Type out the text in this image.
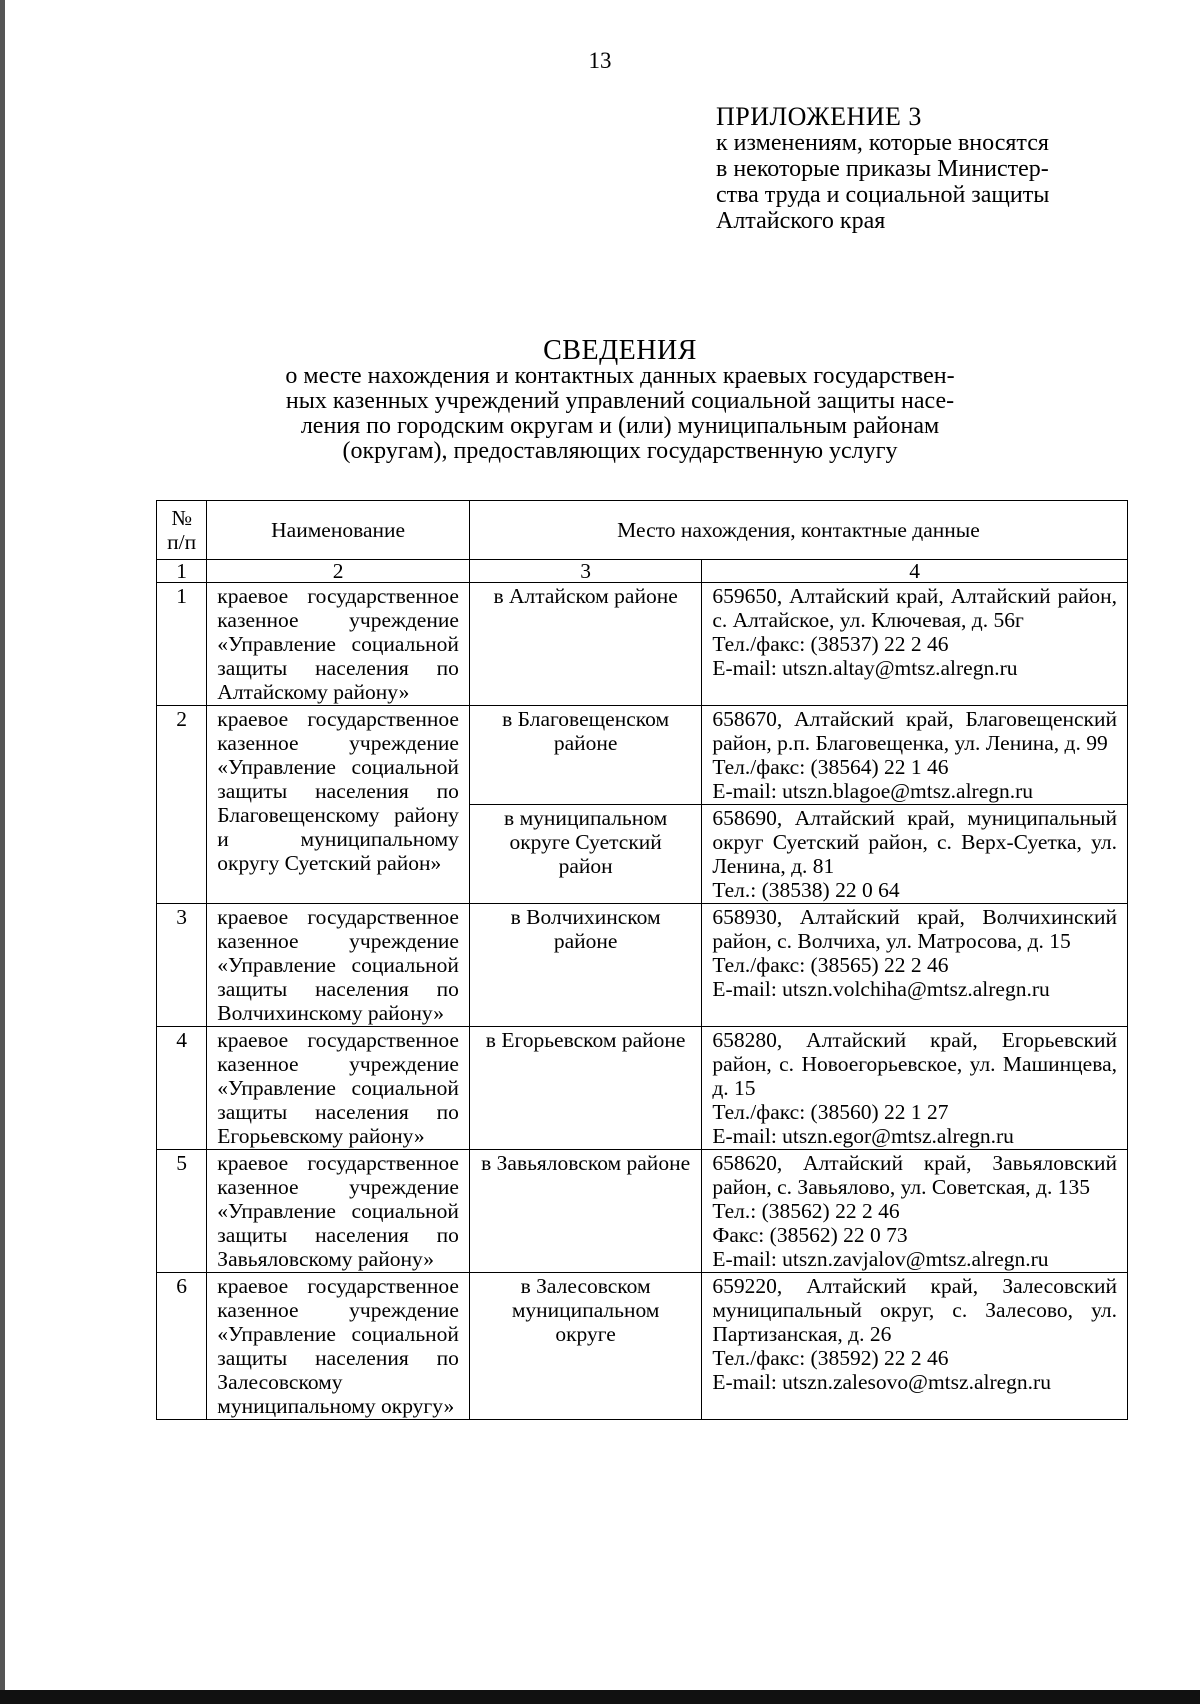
13
ПРИЛОЖЕНИЕ 3
к изменениям, которые вносятся
в некоторые приказы Министер-
ства труда и социальной защиты
Алтайского края
СВЕДЕНИЯ
о месте нахождения и контактных данных краевых государствен-
ных казенных учреждений управлений социальной защиты насе-
ления по городским округам и (или) муниципальным районам
(округам), предоставляющих государственную услугу
№
п/п	Наименование	Место нахождения, контактные данные	
1	2	3	4
1	краевое государственное казенное учреждение «Управление социальной защиты населения по Алтайскому району»	в Алтайском районе	659650, Алтайский край, Алтайский район, с. Алтайское, ул. Ключевая, д. 56г
Тел./факс: (38537) 22 2 46
E-mail: utszn.altay@mtsz.alregn.ru

2	краевое государственное казенное учреждение «Управление социальной защиты населения по Благовещенскому району и муниципальному округу Суетский район»	в Благовещенском районе	658670, Алтайский край, Благовещенский район, р.п. Благовещенка, ул. Ленина, д. 99
Тел./факс: (38564) 22 1 46
E-mail: utszn.blagoe@mtsz.alregn.ru

		в муниципальном округе Суетский район	658690, Алтайский край, муниципальный округ Суетский район, с. Верх-Суетка, ул. Ленина, д. 81
Тел.: (38538) 22 0 64

3	краевое государственное казенное учреждение «Управление социальной защиты населения по Волчихинскому району»	в Волчихинском районе	658930, Алтайский край, Волчихинский район, с. Волчиха, ул. Матросова, д. 15
Тел./факс: (38565) 22 2 46
E-mail: utszn.volchiha@mtsz.alregn.ru

4	краевое государственное казенное учреждение «Управление социальной защиты населения по Егорьевскому району»	в Егорьевском районе	658280, Алтайский край, Егорьевский район, с. Новоегорьевское, ул. Машинцева, д. 15
Тел./факс: (38560) 22 1 27
E-mail: utszn.egor@mtsz.alregn.ru

5	краевое государственное казенное учреждение «Управление социальной защиты населения по Завьяловскому району»	в Завьяловском районе	658620, Алтайский край, Завьяловский район, с. Завьялово, ул. Советская, д. 135
Тел.: (38562) 22 2 46
Факс: (38562) 22 0 73
E-mail: utszn.zavjalov@mtsz.alregn.ru

6	краевое государственное казенное учреждение «Управление социальной защиты населения по Залесовскому муниципальному округу»	в Залесовском муниципальном округе	659220, Алтайский край, Залесовский муниципальный округ, с. Залесово, ул. Партизанская, д. 26
Тел./факс: (38592) 22 2 46
E-mail: utszn.zalesovo@mtsz.alregn.ru
